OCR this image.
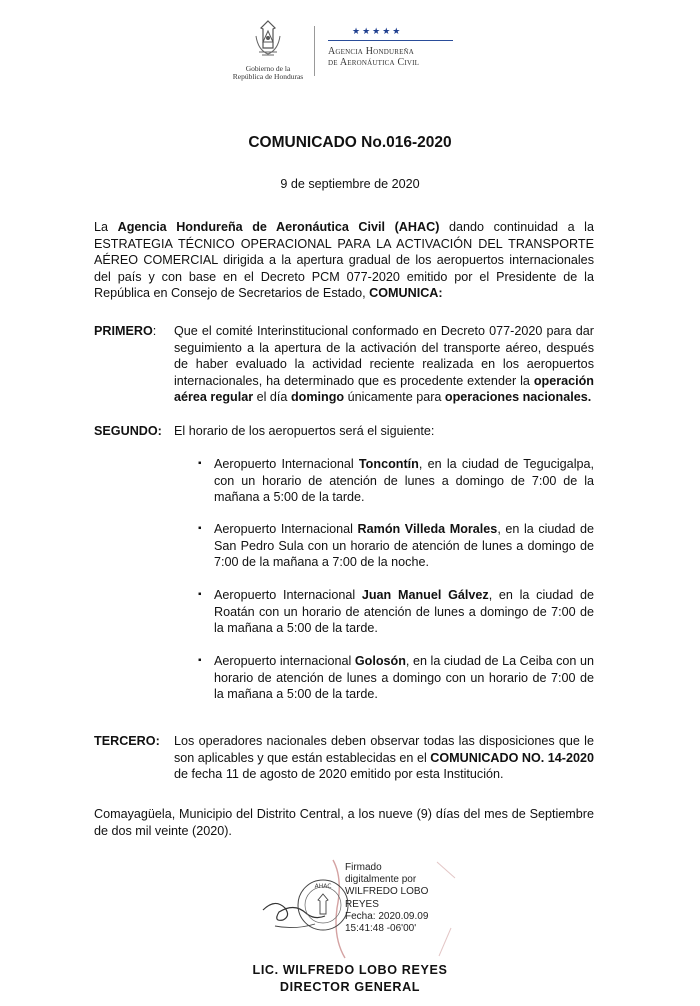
Gobierno de la
República de Honduras
★★★★★
Agencia Hondureña
de Aeronáutica Civil
COMUNICADO No.016-2020
9 de septiembre de 2020
La Agencia Hondureña de Aeronáutica Civil (AHAC) dando continuidad a la ESTRATEGIA TÉCNICO OPERACIONAL PARA LA ACTIVACIÓN DEL TRANSPORTE AÉREO COMERCIAL dirigida a la apertura gradual de los aeropuertos internacionales del país y con base en el Decreto PCM 077-2020 emitido por el Presidente de la República en Consejo de Secretarios de Estado, COMUNICA:
PRIMERO: Que el comité Interinstitucional conformado en Decreto 077-2020 para dar seguimiento a la apertura de la activación del transporte aéreo, después de haber evaluado la actividad reciente realizada en los aeropuertos internacionales, ha determinado que es procedente extender la operación aérea regular el día domingo únicamente para operaciones nacionales.
SEGUNDO: El horario de los aeropuertos será el siguiente:
▪ Aeropuerto Internacional Toncontín, en la ciudad de Tegucigalpa, con un horario de atención de lunes a domingo de 7:00 de la mañana a 5:00 de la tarde.
▪ Aeropuerto Internacional Ramón Villeda Morales, en la ciudad de San Pedro Sula con un horario de atención de lunes a domingo de 7:00 de la mañana a 7:00 de la noche.
▪ Aeropuerto Internacional Juan Manuel Gálvez, en la ciudad de Roatán con un horario de atención de lunes a domingo de 7:00 de la mañana a 5:00 de la tarde.
▪ Aeropuerto internacional Golosón, en la ciudad de La Ceiba con un horario de atención de lunes a domingo con un horario de 7:00 de la mañana a 5:00 de la tarde.
TERCERO: Los operadores nacionales deben observar todas las disposiciones que le son aplicables y que están establecidas en el COMUNICADO NO. 14-2020 de fecha 11 de agosto de 2020 emitido por esta Institución.
Comayagüela, Municipio del Distrito Central, a los nueve (9) días del mes de Septiembre de dos mil veinte (2020).
AHAC
Firmado
digitalmente por
WILFREDO LOBO
REYES
Fecha: 2020.09.09
15:41:48 -06'00'
LIC. WILFREDO LOBO REYES
DIRECTOR GENERAL
